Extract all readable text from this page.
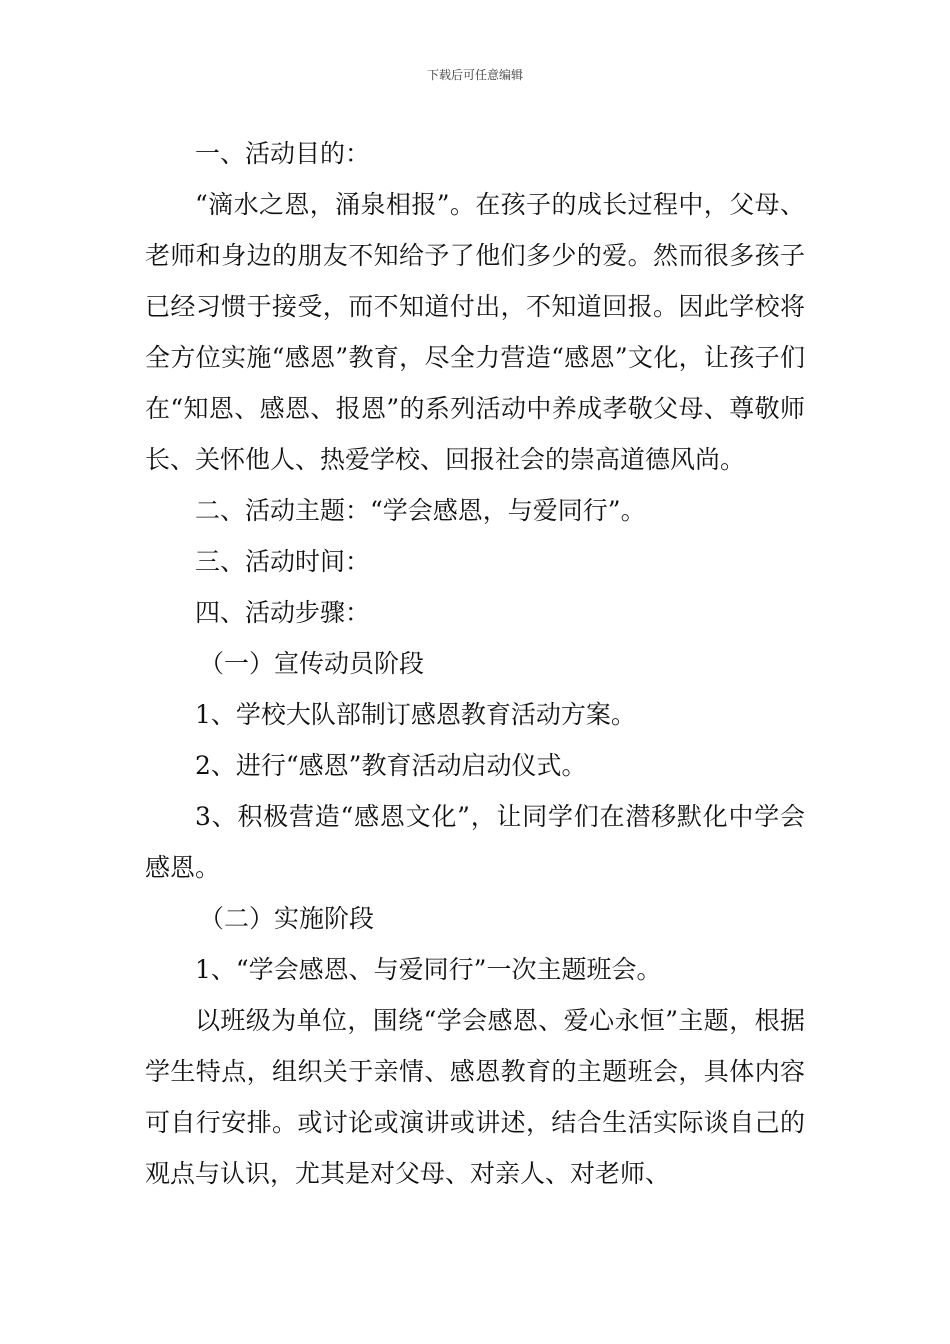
下载后可任意编辑

一、活动目的：

“滴水之恩，涌泉相报”。在孩子的成长过程中，父母、老师和身边的朋友不知给予了他们多少的爱。然而很多孩子已经习惯于接受，而不知道付出，不知道回报。因此学校将全方位实施“感恩”教育，尽全力营造“感恩”文化，让孩子们在“知恩、感恩、报恩”的系列活动中养成孝敬父母、尊敬师长、关怀他人、热爱学校、回报社会的崇高道德风尚。

二、活动主题：“学会感恩，与爱同行”。

三、活动时间：

四、活动步骤：

（一）宣传动员阶段

1、学校大队部制订感恩教育活动方案。

2、进行“感恩”教育活动启动仪式。

3、积极营造“感恩文化”，让同学们在潜移默化中学会感恩。

（二）实施阶段

1、“学会感恩、与爱同行”一次主题班会。

以班级为单位，围绕“学会感恩、爱心永恒”主题，根据学生特点，组织关于亲情、感恩教育的主题班会，具体内容可自行安排。或讨论或演讲或讲述，结合生活实际谈自己的观点与认识，尤其是对父母、对亲人、对老师、
